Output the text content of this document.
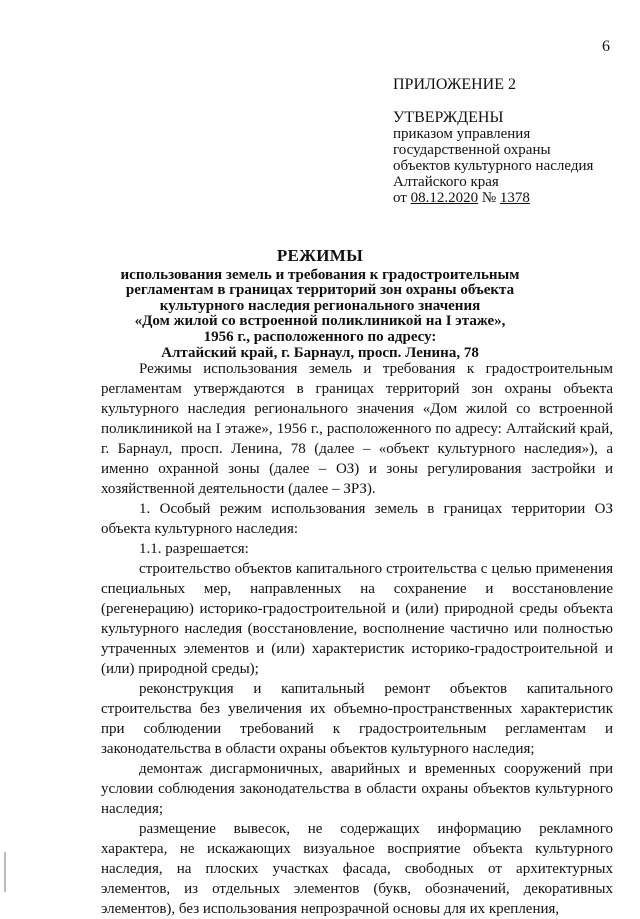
6
ПРИЛОЖЕНИЕ 2
УТВЕРЖДЕНЫ
приказом управления
государственной охраны
объектов культурного наследия
Алтайского края
от 08.12.2020 № 1378
РЕЖИМЫ
использования земель и требования к градостроительным
регламентам в границах территорий зон охраны объекта
культурного наследия регионального значения
«Дом жилой со встроенной поликлиникой на I этаже»,
1956 г., расположенного по адресу:
Алтайский край, г. Барнаул, просп. Ленина, 78

Режимы использования земель и требования к градостроительным регламентам утверждаются в границах территорий зон охраны объекта культурного наследия регионального значения «Дом жилой со встроенной поликлиникой на I этаже», 1956 г., расположенного по адресу: Алтайский край, г. Барнаул, просп. Ленина, 78 (далее – «объект культурного наследия»), а именно охранной зоны (далее – ОЗ) и зоны регулирования застройки и хозяйственной деятельности (далее – ЗРЗ).

1. Особый режим использования земель в границах территории ОЗ объекта культурного наследия:

1.1. разрешается:

строительство объектов капитального строительства с целью применения специальных мер, направленных на сохранение и восстановление (регенерацию) историко-градостроительной и (или) природной среды объекта культурного наследия (восстановление, восполнение частично или полностью утраченных элементов и (или) характеристик историко-градостроительной и (или) природной среды);

реконструкция и капитальный ремонт объектов капитального строительства без увеличения их объемно-пространственных характеристик при соблюдении требований к градостроительным регламентам и законодательства в области охраны объектов культурного наследия;

демонтаж дисгармоничных, аварийных и временных сооружений при условии соблюдения законодательства в области охраны объектов культурного наследия;

размещение вывесок, не содержащих информацию рекламного характера, не искажающих визуальное восприятие объекта культурного наследия, на плоских участках фасада, свободных от архитектурных элементов, из отдельных элементов (букв, обозначений, декоративных элементов), без использования непрозрачной основы для их крепления,
